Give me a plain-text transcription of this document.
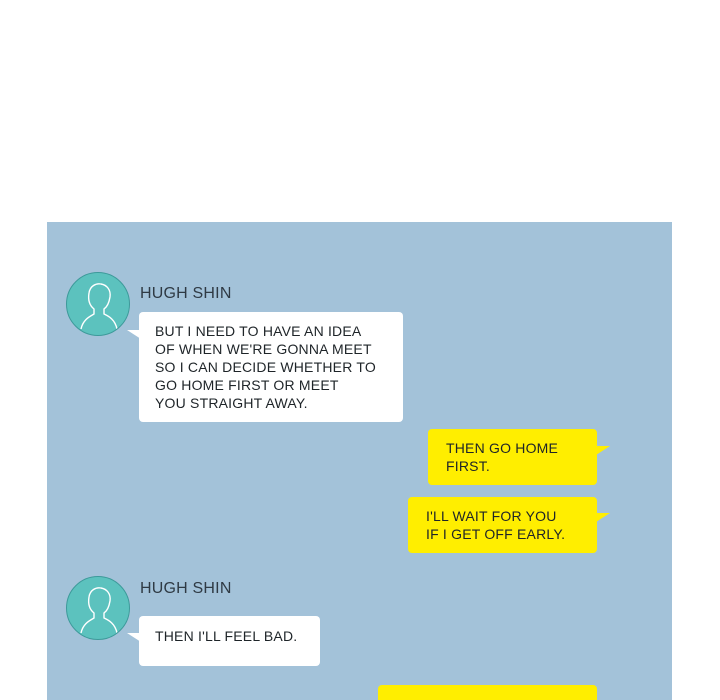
HUGH SHIN
BUT I NEED TO HAVE AN IDEA
OF WHEN WE'RE GONNA MEET
SO I CAN DECIDE WHETHER TO
GO HOME FIRST OR MEET
YOU STRAIGHT AWAY.
THEN GO HOME
FIRST.
I'LL WAIT FOR YOU
IF I GET OFF EARLY.
HUGH SHIN
THEN I'LL FEEL BAD.
